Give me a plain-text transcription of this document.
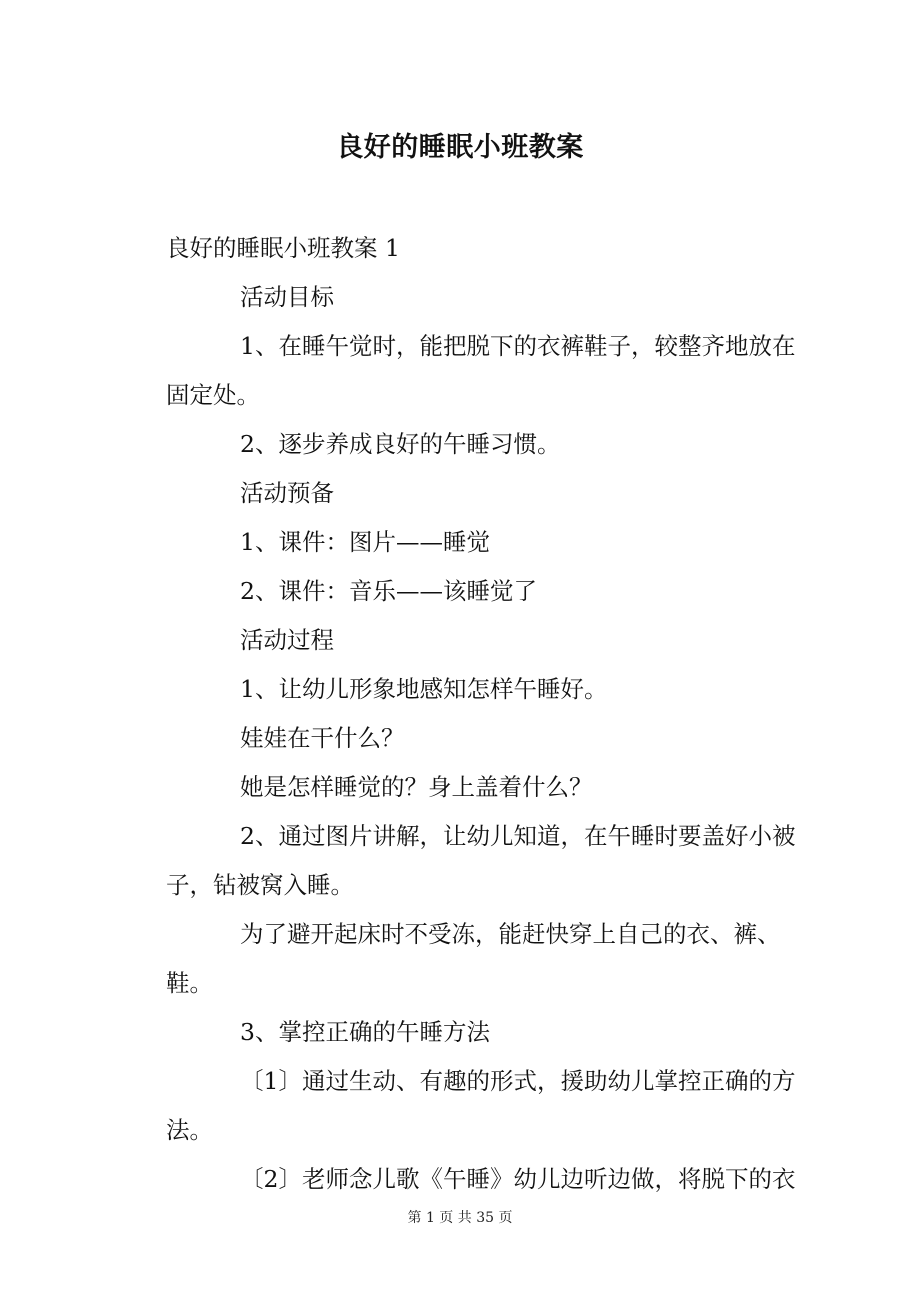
良好的睡眠小班教案

良好的睡眠小班教案 1

活动目标

1、在睡午觉时，能把脱下的衣裤鞋子，较整齐地放在固定处。

2、逐步养成良好的午睡习惯。

活动预备

1、课件：图片——睡觉

2、课件：音乐——该睡觉了

活动过程

1、让幼儿形象地感知怎样午睡好。

娃娃在干什么？

她是怎样睡觉的？身上盖着什么？

2、通过图片讲解，让幼儿知道，在午睡时要盖好小被子，钻被窝入睡。

为了避开起床时不受冻，能赶快穿上自己的衣、裤、鞋。

3、掌控正确的午睡方法

〔1〕通过生动、有趣的形式，援助幼儿掌控正确的方法。

〔2〕老师念儿歌《午睡》幼儿边听边做，将脱下的衣

第 1 页 共 35 页
